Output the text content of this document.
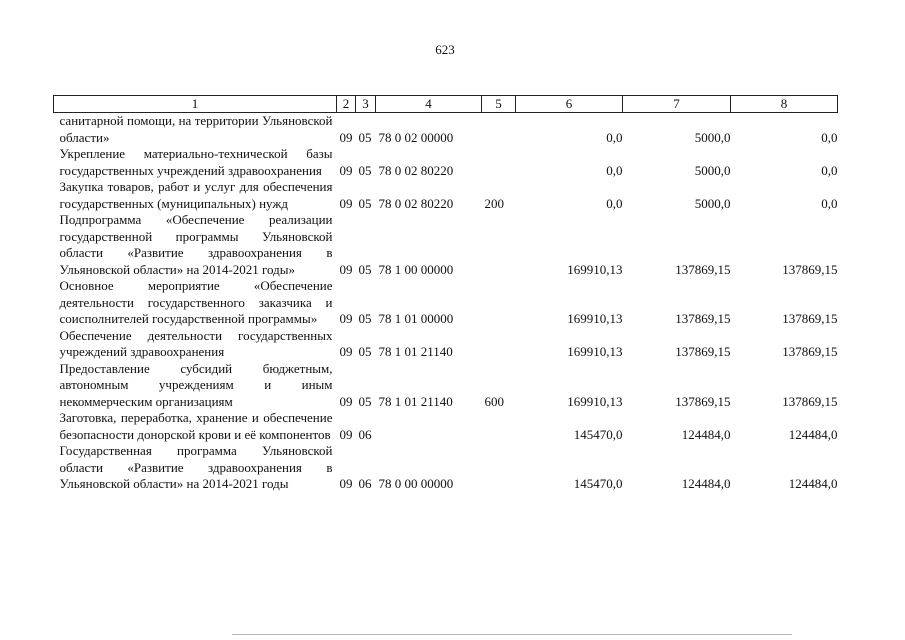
623
1	2	3	4	5	6	7	8
санитарной помощи, на территории Ульяновской области»	09	05	78 0 02 00000		0,0	5000,0	0,0
Укрепление материально-технической базы государственных учреждений здравоохранения	09	05	78 0 02 80220		0,0	5000,0	0,0
Закупка товаров, работ и услуг для обеспечения государственных (муниципальных) нужд	09	05	78 0 02 80220	200	0,0	5000,0	0,0
Подпрограмма «Обеспечение реализации государственной программы Ульяновской области «Развитие здравоохранения в Ульяновской области» на 2014-2021 годы»	09	05	78 1 00 00000		169910,13	137869,15	137869,15
Основное мероприятие «Обеспечение деятельности государственного заказчика и соисполнителей государственной программы»	09	05	78 1 01 00000		169910,13	137869,15	137869,15
Обеспечение деятельности государственных учреждений здравоохранения	09	05	78 1 01 21140		169910,13	137869,15	137869,15
Предоставление субсидий бюджетным, автономным учреждениям и иным некоммерческим организациям	09	05	78 1 01 21140	600	169910,13	137869,15	137869,15
Заготовка, переработка, хранение и обеспечение безопасности донорской крови и её компонентов	09	06			145470,0	124484,0	124484,0
Государственная программа Ульяновской области «Развитие здравоохранения в Ульяновской области» на 2014-2021 годы	09	06	78 0 00 00000		145470,0	124484,0	124484,0
